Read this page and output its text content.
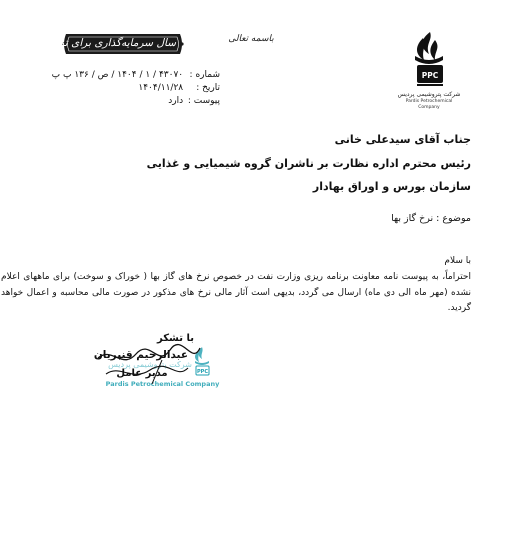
PPC
شرکت پتروشیمی پردیس
Pardis Petrochemical Company
باسمه تعالی
سال سرمایه‌گذاری برای تولید
شماره : ۴۳۰۷۰ / ۱ / ۱۴۰۴ / ص / ۱۳۶ پ پ
تاریخ : ۱۴۰۴/۱۱/۲۸
پیوست : دارد
جناب آقای سیدعلی خانی
رئیس محترم اداره نظارت بر ناشران گروه شیمیایی و غذایی
سازمان بورس و اوراق بهادار
موضوع : نرخ گاز بها
با سلام
احتراماً، به پیوست نامه معاونت برنامه ریزی وزارت نفت در خصوص نرخ های گاز بها ( خوراک و سوخت) برای ماههای اعلام نشده (مهر ماه الی دی ماه) ارسال می گردد، بدیهی است آثار مالی نرخ های مذکور در صورت مالی محاسبه و اعمال خواهد گردید.
با تشکر
شرکت پتروشیمی پردیس
PPC
عبدالرحیم قنبریان
مدیر عامل
Pardis Petrochemical Company
